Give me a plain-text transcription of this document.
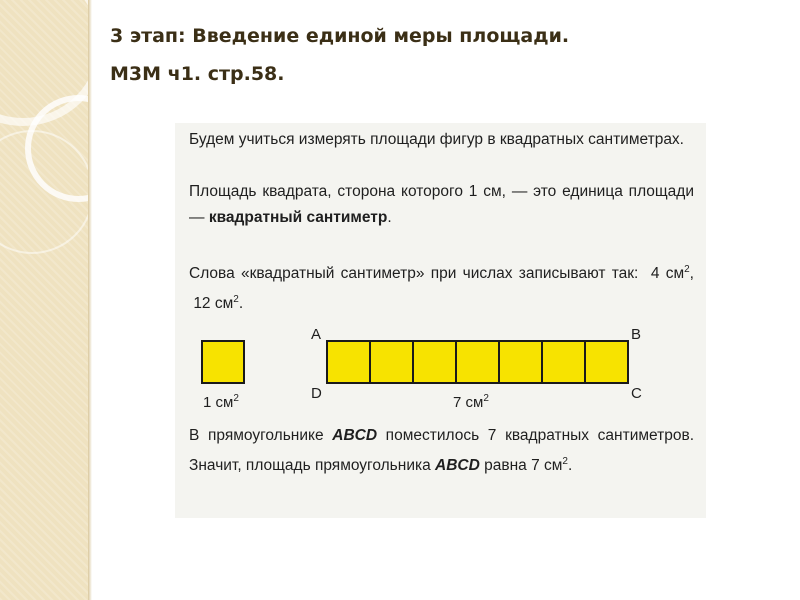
3 этап: Введение единой меры площади.
М3М ч1. стр.58.

Будем учиться измерять площади фигур в квадратных сантиметрах.

Площадь квадрата, сторона которого 1 см, — это единица площади — квадратный сантиметр.

Слова «квадратный сантиметр» при числах записывают так: 4 $см^2$,  12 $см^2$.

1 $см^2$
A	B
C
D
7 $см^2$

В прямоугольнике ABCD поместилось 7 квадратных сантиметров. Значит, площадь прямоугольника ABCD равна 7 $см^2$.
